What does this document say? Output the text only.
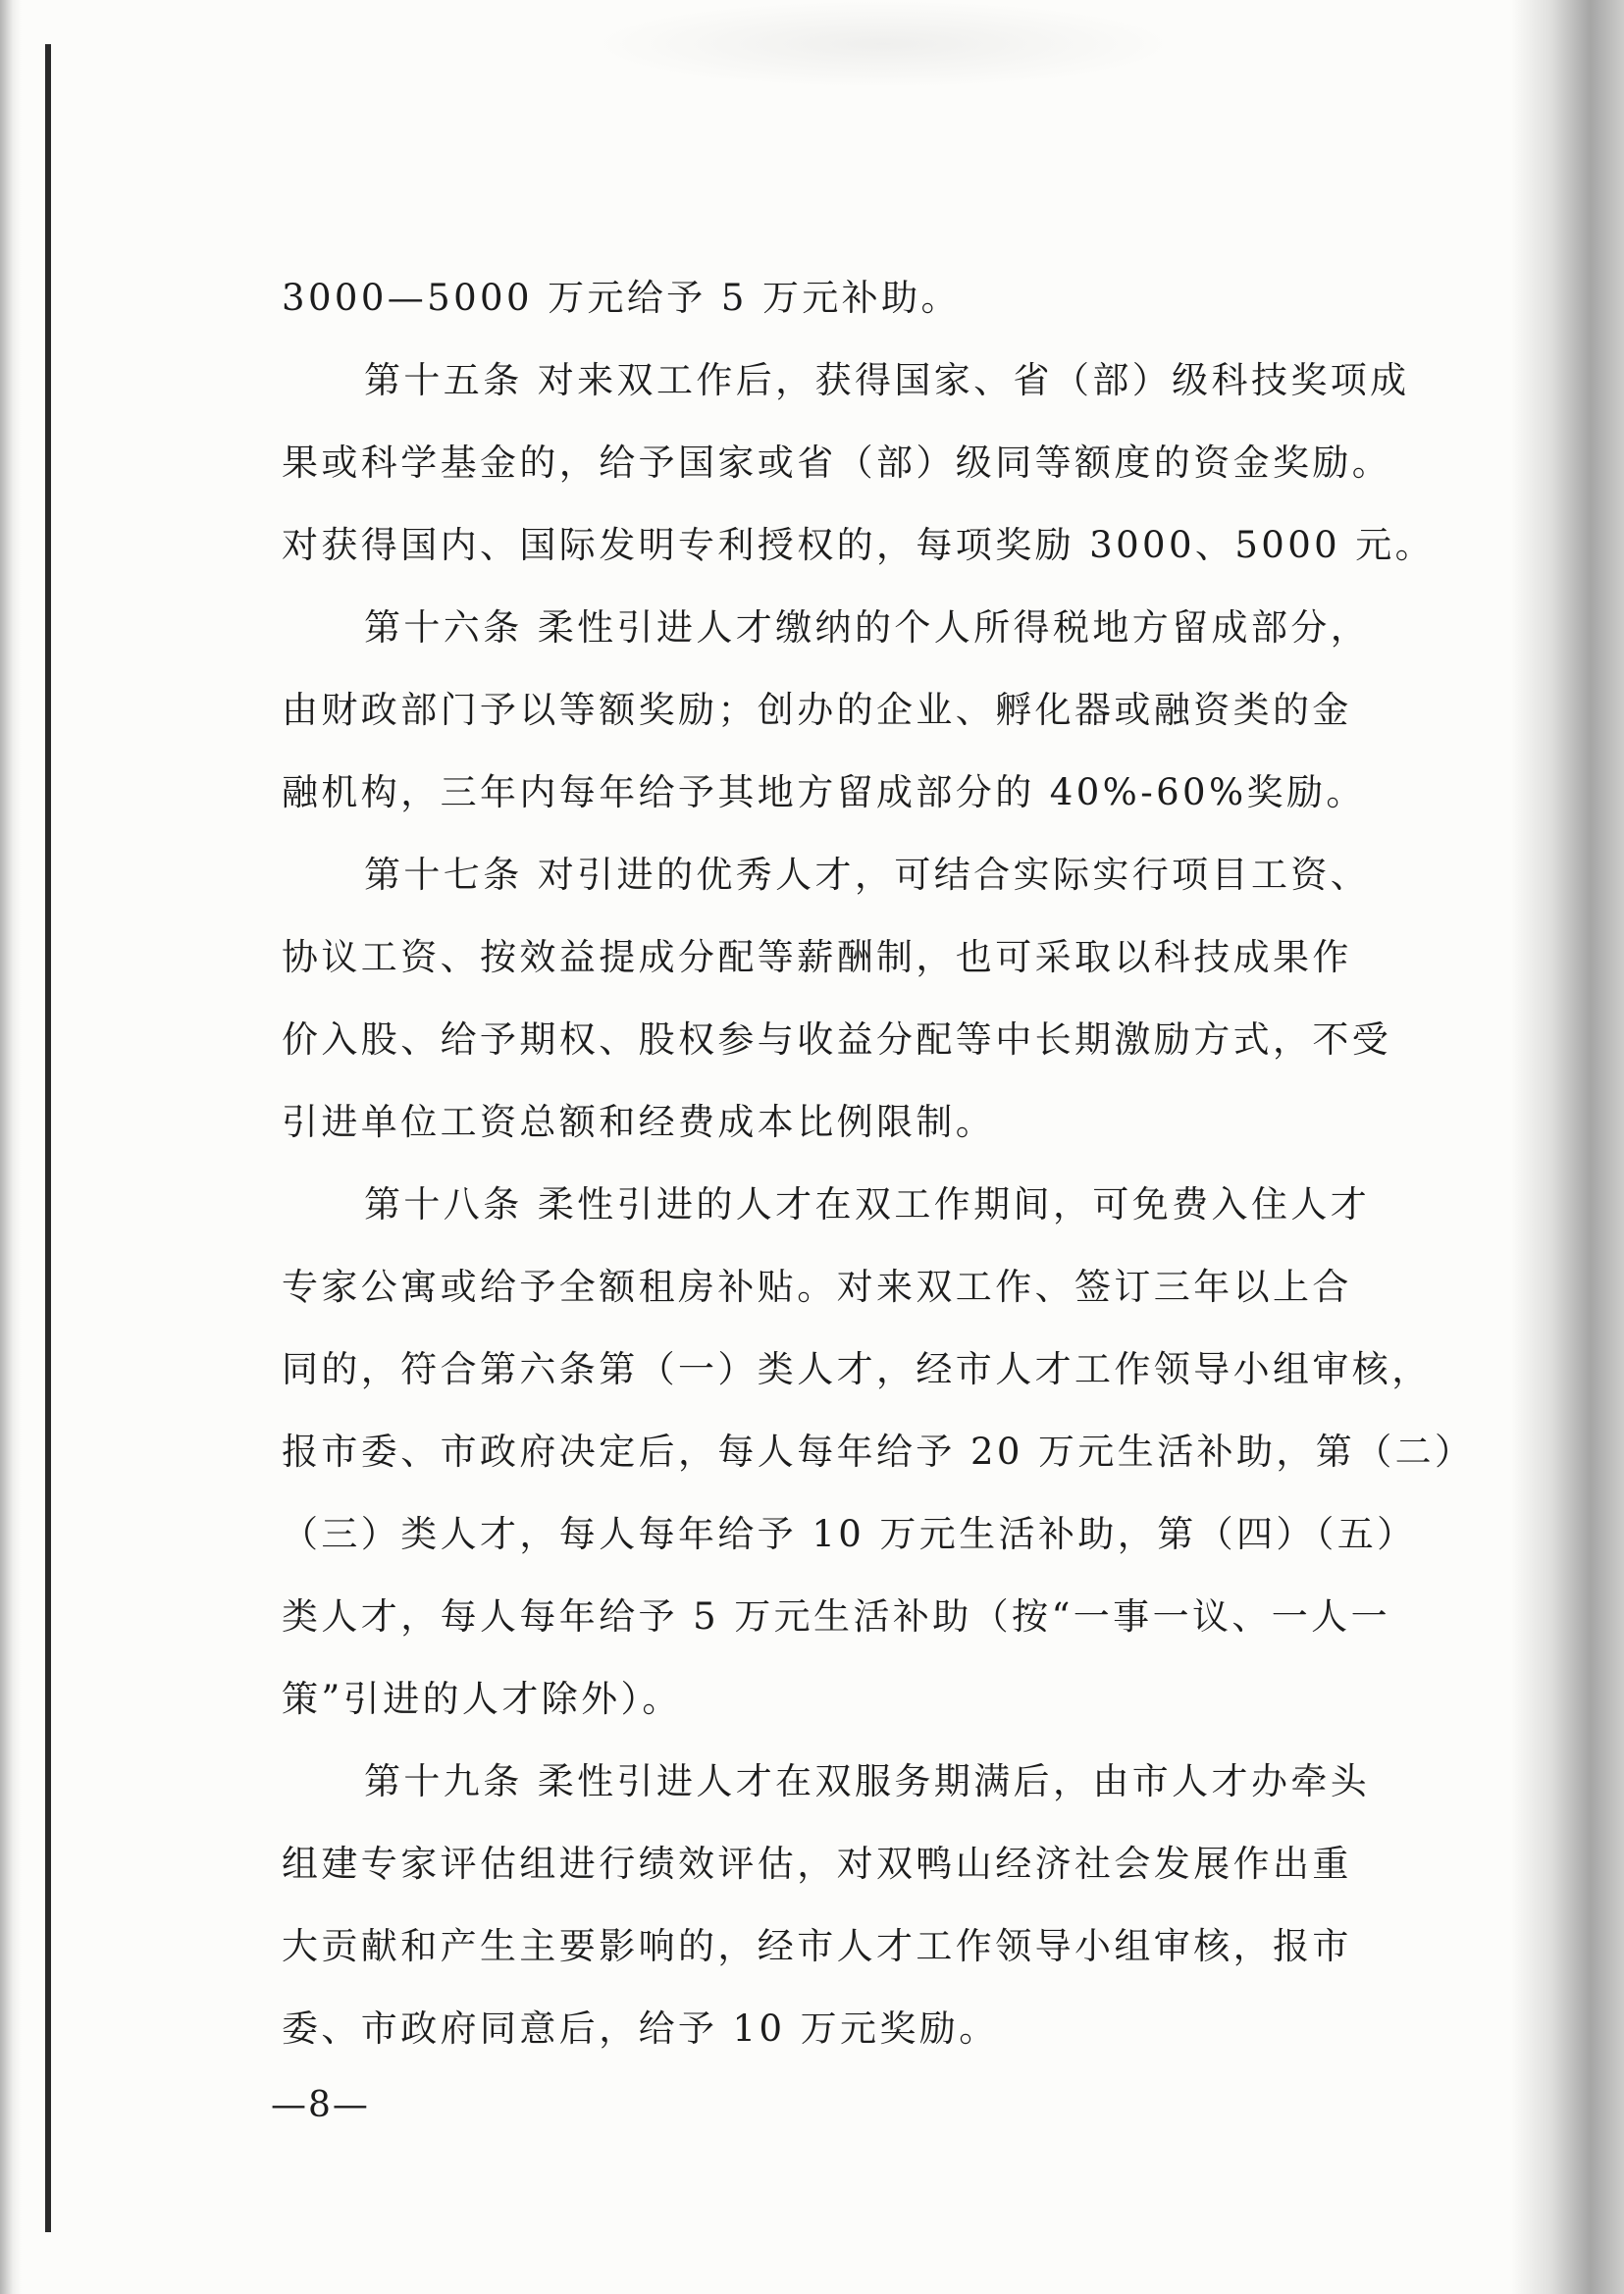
3000—5000 万元给予 5 万元补助。

第十五条 对来双工作后，获得国家、省（部）级科技奖项成

果或科学基金的，给予国家或省（部）级同等额度的资金奖励。

对获得国内、国际发明专利授权的，每项奖励 3000、5000 元。

第十六条 柔性引进人才缴纳的个人所得税地方留成部分，

由财政部门予以等额奖励；创办的企业、孵化器或融资类的金

融机构，三年内每年给予其地方留成部分的 40%-60%奖励。

第十七条 对引进的优秀人才，可结合实际实行项目工资、

协议工资、按效益提成分配等薪酬制，也可采取以科技成果作

价入股、给予期权、股权参与收益分配等中长期激励方式，不受

引进单位工资总额和经费成本比例限制。

第十八条 柔性引进的人才在双工作期间，可免费入住人才

专家公寓或给予全额租房补贴。对来双工作、签订三年以上合

同的，符合第六条第（一）类人才，经市人才工作领导小组审核，

报市委、市政府决定后，每人每年给予 20 万元生活补助，第（二）

（三）类人才，每人每年给予 10 万元生活补助，第（四）（五）

类人才，每人每年给予 5 万元生活补助（按“一事一议、一人一

策”引进的人才除外）。

第十九条 柔性引进人才在双服务期满后，由市人才办牵头

组建专家评估组进行绩效评估，对双鸭山经济社会发展作出重

大贡献和产生主要影响的，经市人才工作领导小组审核，报市

委、市政府同意后，给予 10 万元奖励。

—8—
